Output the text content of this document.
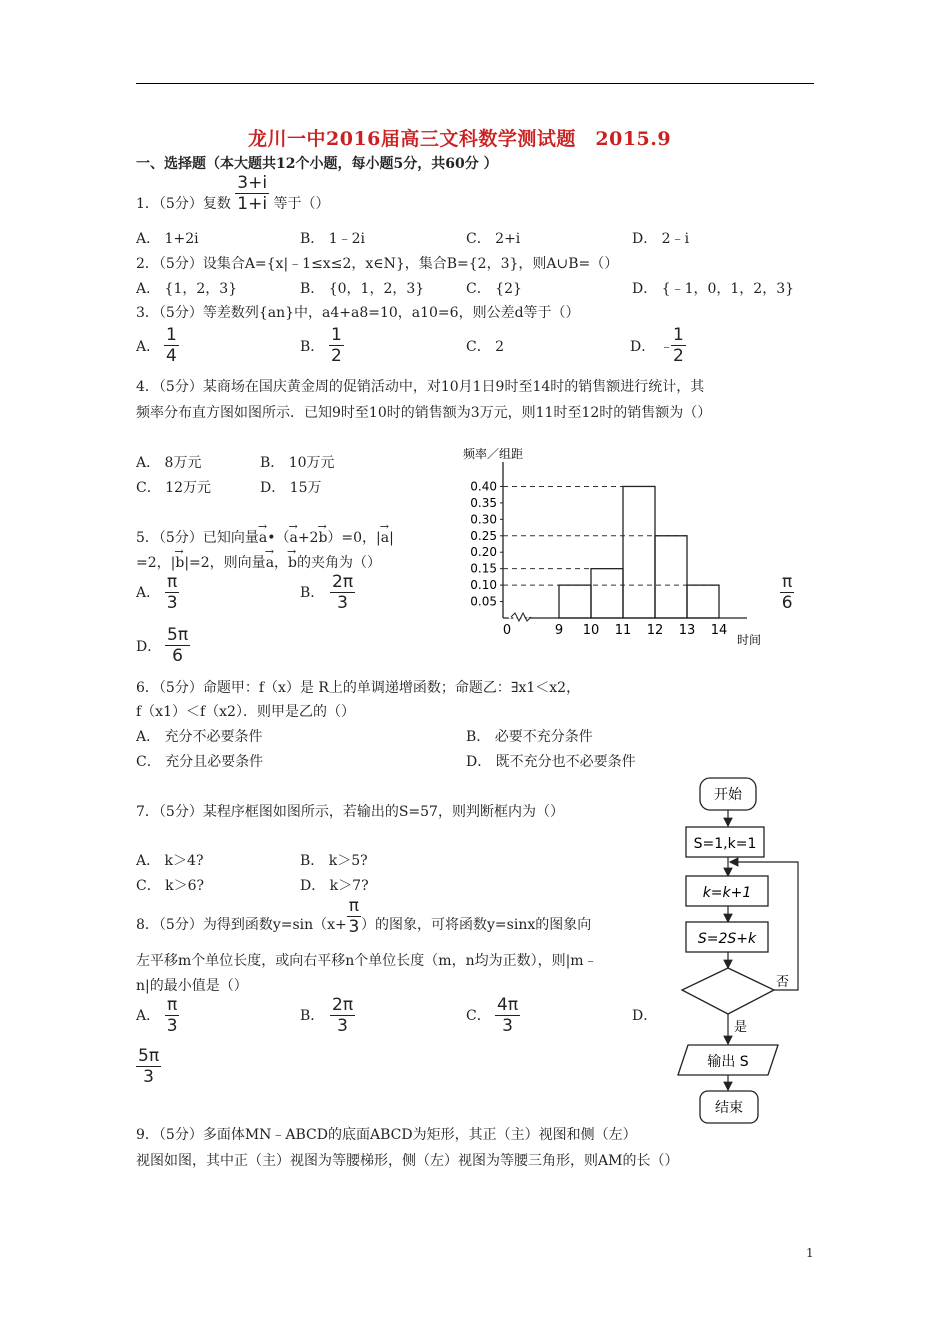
龙川一中2016届高三文科数学测试题　2015.9
一、选择题（本大题共12个小题，每小题5分，共60分 ）
1．（5分）复数 $\frac{3+i}{1+i}$ 等于（）
A． 1+2i	B． 1﹣2i	C． 2+i	D． 2﹣i
2．（5分）设集合A={x|﹣1≤x≤2，x∈N}，集合B={2，3}，则A∪B=（）
A． {1，2，3}	B． {0，1，2，3}	C． {2}	D． {﹣1，0，1，2，3}
3．（5分）等差数列{an}中，a4+a8=10，a10=6，则公差d等于（）
A． $\frac{1}{4}$	B． $\frac{1}{2}$	C． 2	D． ﹣
$\frac{1}{2}$
4．（5分）某商场在国庆黄金周的促销活动中，对10月1日9时至14时的销售额进行统计，其
频率分布直方图如图所示．已知9时至10时的销售额为3万元，则11时至12时的销售额为（）
A． 8万元	B． 10万元
C． 12万元	D． 15万
频率／组距
时间
0.05
0.10
0.15
0.20
0.25
0.30
0.35
0.40
0	9 10 11 12 13 14
5．（5分）已知向量→ a•（→ a+2→ b）=0，|→ a|
=2，|→ b|=2，则向量→ a，→ b的夹角为（）
A． $\frac{\pi}{3}$	B． $\frac{2\pi}{3}$	$\frac{\pi}{6}$
D． $\frac{5\pi}{6}$
6．（5分）命题甲：f（x）是 R上的单调递增函数；命题乙：∃x1＜x2，
f（x1）＜f（x2）．则甲是乙的（）
A． 充分不必要条件	B． 必要不充分条件
C． 充分且必要条件	D． 既不充分也不必要条件
7．（5分）某程序框图如图所示，若输出的S=57，则判断框内为（）
A． k＞4?	B． k＞5?
C． k＞6?	D． k＞7?
开始
S=1,k=1
k=k+1
S=2S+k
否
是
输出 S
结束
8．（5分）为得到函数$y=\sin(x+ \frac{\pi}{3}$ ）的图象，可将函数y=sinx的图象向
左平移m个单位长度，或向右平移n个单位长度（m，n均为正数），则|m﹣
n|的最小值是（）
A． $\frac{\pi}{3}$	B． $\frac{2\pi}{3}$	C． $\frac{4\pi}{3}$	D．
$\frac{5\pi}{3}$
9．（5分）多面体MN﹣ABCD的底面ABCD为矩形，其正（主）视图和侧（左）
视图如图，其中正（主）视图为等腰梯形，侧（左）视图为等腰三角形，则AM的长（）
1
